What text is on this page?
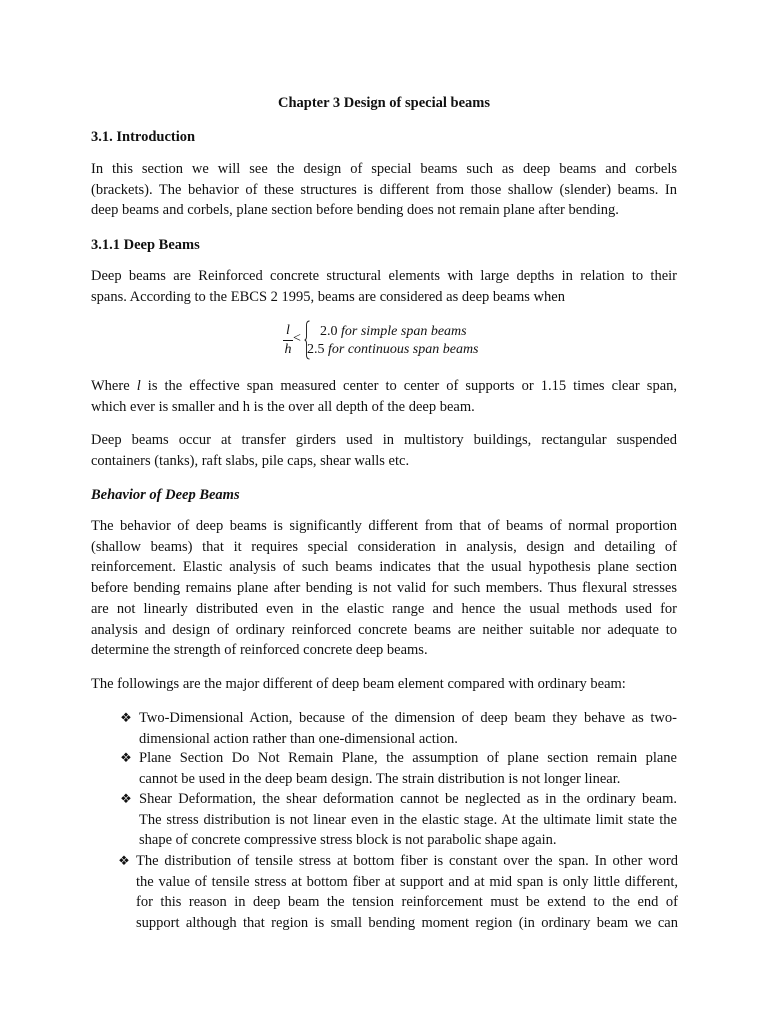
Chapter 3 Design of special beams
3.1. Introduction
In this section we will see the design of special beams such as deep beams and corbels
(brackets). The behavior of these structures is different from those shallow (slender) beams. In
deep beams and corbels, plane section before bending does not remain plane after bending.
3.1.1 Deep Beams
Deep beams are Reinforced concrete structural elements with large depths in relation to their
spans. According to the EBCS 2 1995, beams are considered as deep beams when
l
h
< 2.0 for simple span beams
2.5 for continuous span beams
Where l is the effective span measured center to center of supports or 1.15 times clear span,
which ever is smaller and h is the over all depth of the deep beam.
Deep beams occur at transfer girders used in multistory buildings, rectangular suspended
containers (tanks), raft slabs, pile caps, shear walls etc.
Behavior of Deep Beams
The behavior of deep beams is significantly different from that of beams of normal proportion
(shallow beams) that it requires special consideration in analysis, design and detailing of
reinforcement. Elastic analysis of such beams indicates that the usual hypothesis plane section
before bending remains plane after bending is not valid for such members. Thus flexural stresses
are not linearly distributed even in the elastic range and hence the usual methods used for
analysis and design of ordinary reinforced concrete beams are neither suitable nor adequate to
determine the strength of reinforced concrete deep beams.
The followings are the major different of deep beam element compared with ordinary beam:
❖ Two-Dimensional Action, because of the dimension of deep beam they behave as two-
dimensional action rather than one-dimensional action.
❖ Plane Section Do Not Remain Plane, the assumption of plane section remain plane
cannot be used in the deep beam design. The strain distribution is not longer linear.
❖ Shear Deformation, the shear deformation cannot be neglected as in the ordinary beam.
The stress distribution is not linear even in the elastic stage. At the ultimate limit state the
shape of concrete compressive stress block is not parabolic shape again.
❖ The distribution of tensile stress at bottom fiber is constant over the span. In other word
the value of tensile stress at bottom fiber at support and at mid span is only little different,
for this reason in deep beam the tension reinforcement must be extend to the end of
support although that region is small bending moment region (in ordinary beam we can
